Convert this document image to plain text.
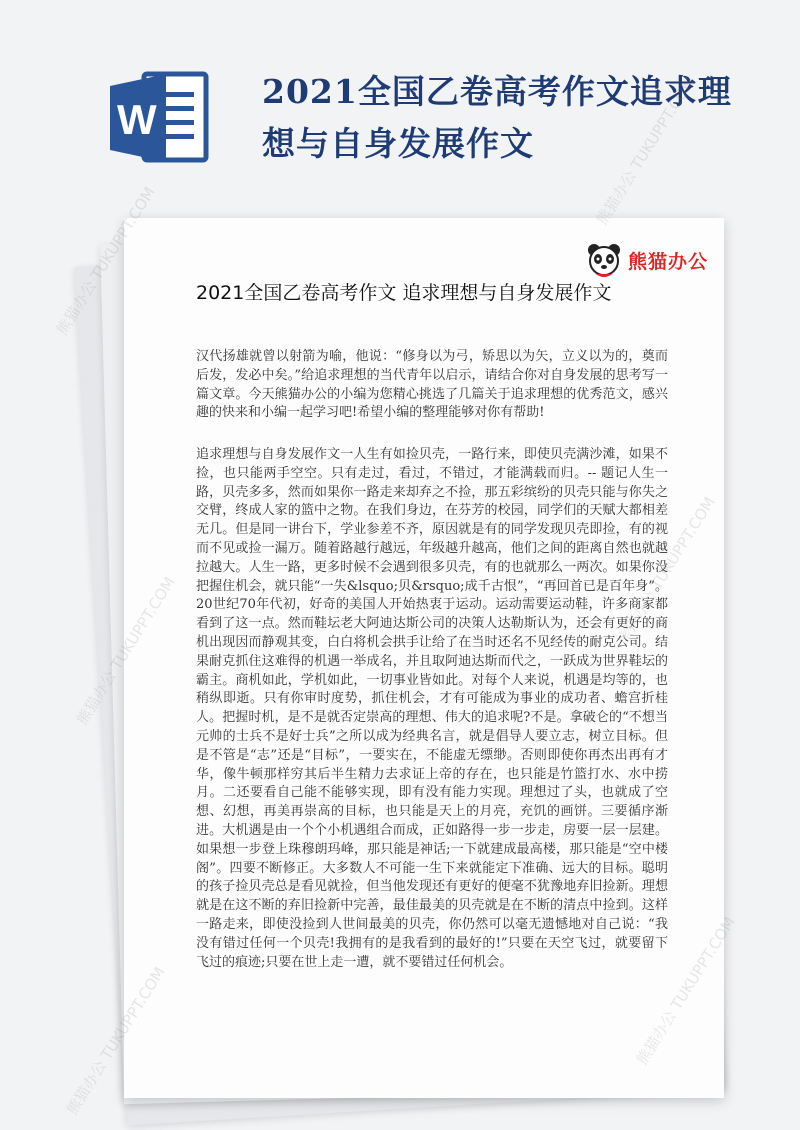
W
2021全国乙卷高考作文追求理想与自身发展作文
熊猫办公
2021全国乙卷高考作文 追求理想与自身发展作文

汉代扬雄就曾以射箭为喻，他说：“修身以为弓，矫思以为矢，立义以为的，奠而后发，发必中矣。”给追求理想的当代青年以启示，请结合你对自身发展的思考写一篇文章。今天熊猫办公的小编为您精心挑选了几篇关于追求理想的优秀范文，感兴趣的快来和小编一起学习吧!希望小编的整理能够对你有帮助!

追求理想与自身发展作文一人生有如捡贝壳，一路行来，即使贝壳满沙滩，如果不捡，也只能两手空空。只有走过，看过，不错过，才能满载而归。-- 题记人生一路，贝壳多多，然而如果你一路走来却弃之不捡，那五彩缤纷的贝壳只能与你失之交臂，终成人家的篮中之物。在我们身边，在芬芳的校园，同学们的天赋大都相差无几。但是同一讲台下，学业参差不齐，原因就是有的同学发现贝壳即捡，有的视而不见或捡一漏万。随着路越行越远，年级越升越高，他们之间的距离自然也就越拉越大。人生一路，更多时候不会遇到很多贝壳，有的也就那么一两次。如果你没把握住机会，就只能“一失&lsquo;贝&rsquo;成千古恨”，“再回首已是百年身”。20世纪70年代初，好奇的美国人开始热衷于运动。运动需要运动鞋，许多商家都看到了这一点。然而鞋坛老大阿迪达斯公司的决策人达勒斯认为，还会有更好的商机出现因而静观其变，白白将机会拱手让给了在当时还名不见经传的耐克公司。结果耐克抓住这难得的机遇一举成名，并且取阿迪达斯而代之，一跃成为世界鞋坛的霸主。商机如此，学机如此，一切事业皆如此。对每个人来说，机遇是均等的，也稍纵即逝。只有你审时度势，抓住机会，才有可能成为事业的成功者、蟾宫折桂人。把握时机，是不是就否定崇高的理想、伟大的追求呢?不是。拿破仑的“不想当元帅的士兵不是好士兵”之所以成为经典名言，就是倡导人要立志，树立目标。但是不管是“志”还是“目标”，一要实在，不能虚无缥缈。否则即使你再杰出再有才华，像牛顿那样穷其后半生精力去求证上帝的存在，也只能是竹篮打水、水中捞月。二还要看自己能不能够实现，即有没有能力实现。理想过了头，也就成了空想、幻想，再美再崇高的目标，也只能是天上的月亮，充饥的画饼。三要循序渐进。大机遇是由一个个小机遇组合而成，正如路得一步一步走，房要一层一层建。如果想一步登上珠穆朗玛峰，那只能是神话;一下就建成最高楼，那只能是“空中楼阁”。四要不断修正。大多数人不可能一生下来就能定下准确、远大的目标。聪明的孩子捡贝壳总是看见就捡，但当他发现还有更好的便毫不犹豫地弃旧捡新。理想就是在这不断的弃旧捡新中完善，最佳最美的贝壳就是在不断的清点中捡到。这样一路走来，即使没捡到人世间最美的贝壳，你仍然可以毫无遗憾地对自己说：“我没有错过任何一个贝壳!我拥有的是我看到的最好的!”只要在天空飞过，就要留下飞过的痕迹;只要在世上走一遭，就不要错过任何机会。

TUKUPPT.COM
熊猫办公 TUKUPPT.COM
熊猫办公
熊猫办公 TUKUPPT.COM
